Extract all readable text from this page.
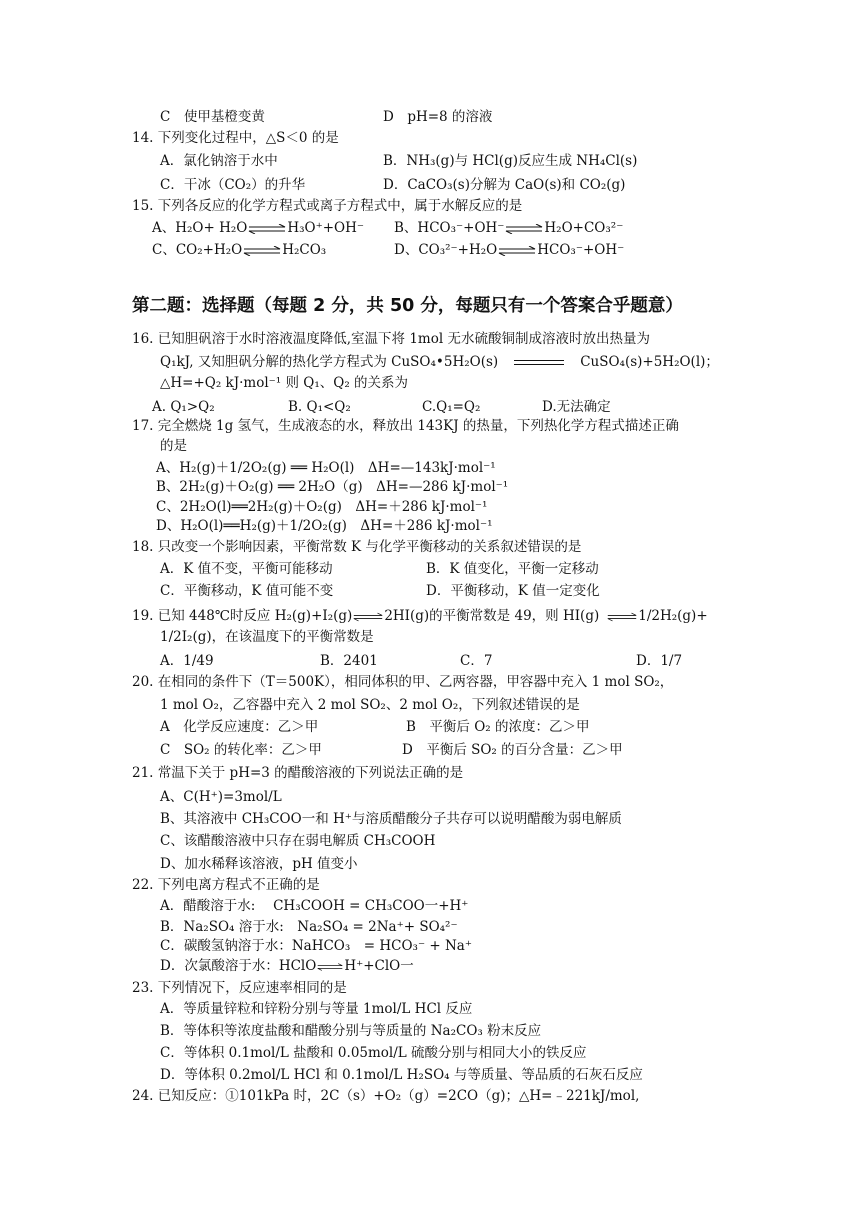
C　使甲基橙变黄	D　pH=8 的溶液
14. 下列变化过程中，△S＜0 的是
A．氯化钠溶于水中	B．NH₃(g)与 HCl(g)反应生成 NH₄Cl(s)
C．干冰（CO₂）的升华	D．CaCO₃(s)分解为 CaO(s)和 CO₂(g)
15. 下列各反应的化学方程式或离子方程式中，属于水解反应的是
16. 已知胆矾溶于水时溶液温度降低,室温下将 1mol 无水硫酸铜制成溶液时放出热量为
△H=+Q₂ kJ·mol⁻¹ 则 Q₁、Q₂ 的关系为
A. Q₁>Q₂	B. Q₁<Q₂	C.Q₁=Q₂	D.无法确定
17. 完全燃烧 1g 氢气，生成液态的水，释放出 143KJ 的热量，下列热化学方程式描述正确
的是
A、H₂(g)＋1/2O₂(g) ══ H₂O(l)　ΔH=—143kJ·mol⁻¹
B、2H₂(g)＋O₂(g) ══ 2H₂O（g)　ΔH=—286 kJ·mol⁻¹
C、2H₂O(l)══2H₂(g)＋O₂(g)　ΔH=＋286 kJ·mol⁻¹
D、H₂O(l)══H₂(g)＋1/2O₂(g)　ΔH=＋286 kJ·mol⁻¹
18. 只改变一个影响因素，平衡常数 K 与化学平衡移动的关系叙述错误的是
A．K 值不变，平衡可能移动	B．K 值变化，平衡一定移动
C．平衡移动，K 值可能不变	D．平衡移动，K 值一定变化
1/2I₂(g)，在该温度下的平衡常数是
A．1/49	B．2401	C．7	D．1/7
20. 在相同的条件下（T＝500K），相同体积的甲、乙两容器，甲容器中充入 1 mol SO₂，
1 mol O₂，乙容器中充入 2 mol SO₂、2 mol O₂，下列叙述错误的是
A　化学反应速度：乙＞甲	B　平衡后 O₂ 的浓度：乙＞甲
C　SO₂ 的转化率：乙＞甲	D　平衡后 SO₂ 的百分含量：乙＞甲
21. 常温下关于 pH=3 的醋酸溶液的下列说法正确的是
A、C(H⁺)=3mol/L
B、其溶液中 CH₃COO一和 H⁺与溶质醋酸分子共存可以说明醋酸为弱电解质
C、该醋酸溶液中只存在弱电解质 CH₃COOH
D、加水稀释该溶液，pH 值变小
22. 下列电离方程式不正确的是
A．醋酸溶于水:　 CH₃COOH = CH₃COO一+H⁺
B．Na₂SO₄ 溶于水:　Na₂SO₄ = 2Na⁺+ SO₄²⁻
C．碳酸氢钠溶于水：NaHCO₃　= HCO₃⁻ + Na⁺
23. 下列情况下，反应速率相同的是
A．等质量锌粒和锌粉分别与等量 1mol/L HCl 反应
B．等体积等浓度盐酸和醋酸分别与等质量的 Na₂CO₃ 粉末反应
C．等体积 0.1mol/L 盐酸和 0.05mol/L 硫酸分别与相同大小的铁反应
D．等体积 0.2mol/L HCl 和 0.1mol/L H₂SO₄ 与等质量、等品质的石灰石反应
24. 已知反应：①101kPa 时，2C（s）+O₂（g）=2CO（g)；△H=﹣221kJ/mol,
第二题：选择题（每题 2 分，共 50 分，每题只有一个答案合乎题意）
A、H₂O+ H₂O⇌H₃O⁺+OH⁻ B、HCO₃⁻+OH⁻⇌H₂O+CO₃²⁻
C、CO₂+H₂O⇌H₂CO₃	D、CO₃²⁻+H₂O⇌HCO₃⁻+OH⁻
Q₁kJ, 又知胆矾分解的热化学方程式为 CuSO₄•5H₂O(s)	CuSO₄(s)+5H₂O(l)；
19. 已知 448℃时反应 H₂(g)+I₂(g)⇌2HI(g)的平衡常数是 49，则 HI(g) ⇌1/2H₂(g)+
D．次氯酸溶于水：HClO⇌H⁺+ClO一
